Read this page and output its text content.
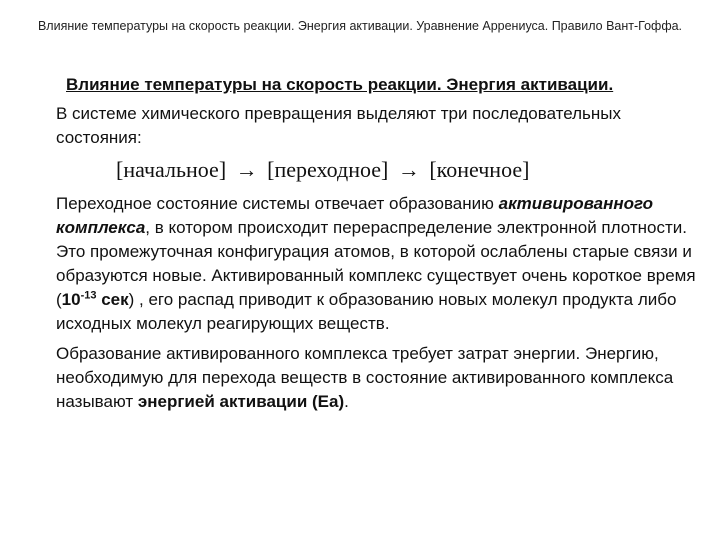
Влияние температуры на скорость реакции. Энергия активации. Уравнение Аррениуса. Правило Вант-Гоффа.
Влияние температуры на скорость реакции. Энергия активации.

В системе химического превращения выделяют три последовательных состояния:

[начальное] → [переходное] → [конечное]

Переходное состояние системы отвечает образованию активированного комплекса, в котором происходит перераспределение электронной плотности. Это промежуточная конфигурация атомов, в которой ослаблены старые связи и образуются новые. Активированный комплекс существует очень короткое время ($10^{-13}$ сек) , его распад приводит к образованию новых молекул продукта либо исходных молекул реагирующих веществ.

Образование активированного комплекса требует затрат энергии. Энергию, необходимую для перехода веществ в состояние активированного комплекса называют энергией активации (Еа).
